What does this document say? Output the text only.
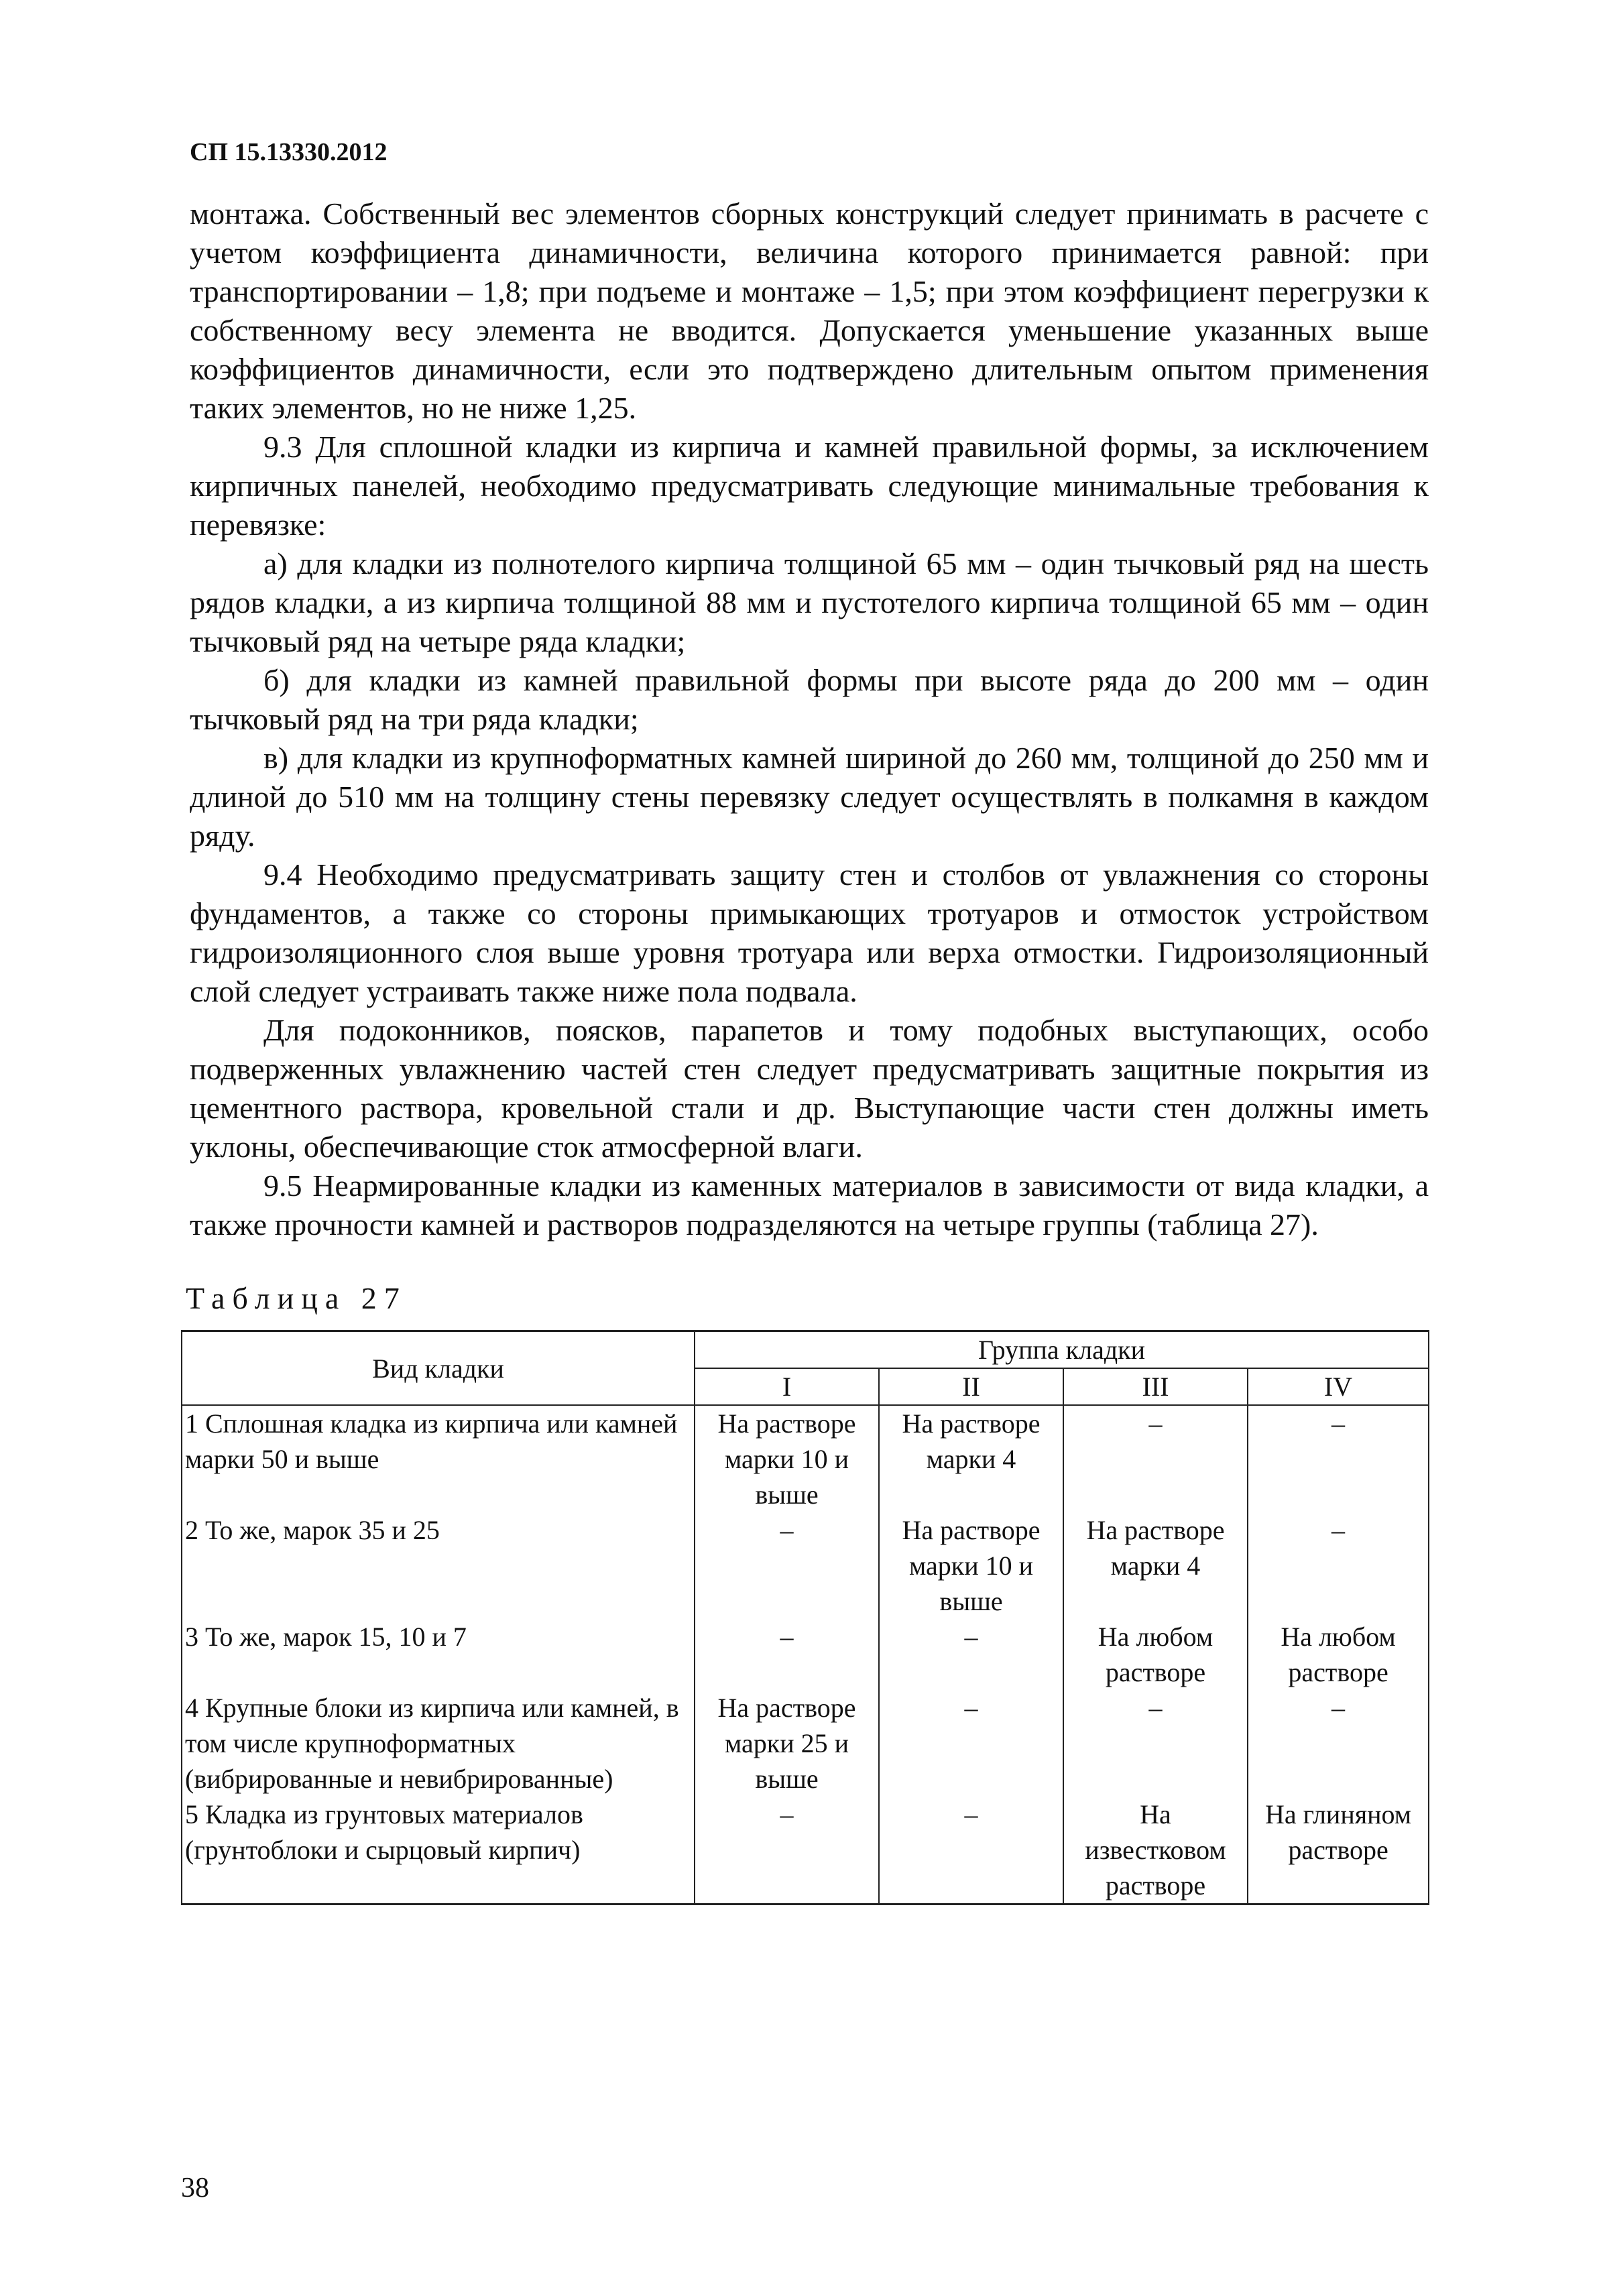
СП 15.13330.2012

монтажа. Собственный вес элементов сборных конструкций следует принимать в расчете с учетом коэффициента динамичности, величина которого принимается равной: при транспортировании – 1,8; при подъеме и монтаже – 1,5; при этом коэффициент перегрузки к собственному весу элемента не вводится. Допускается уменьшение указанных выше коэффициентов динамичности, если это подтверждено длительным опытом применения таких элементов, но не ниже 1,25.

9.3 Для сплошной кладки из кирпича и камней правильной формы, за исключением кирпичных панелей, необходимо предусматривать следующие минимальные требования к перевязке:

а) для кладки из полнотелого кирпича толщиной 65 мм – один тычковый ряд на шесть рядов кладки, а из кирпича толщиной 88 мм и пустотелого кирпича толщиной 65 мм – один тычковый ряд на четыре ряда кладки;

б) для кладки из камней правильной формы при высоте ряда до 200 мм – один тычковый ряд на три ряда кладки;

в) для кладки из крупноформатных камней шириной до 260 мм, толщиной до 250 мм и длиной до 510 мм на толщину стены перевязку следует осуществлять в полкамня в каждом ряду.

9.4 Необходимо предусматривать защиту стен и столбов от увлажнения со стороны фундаментов, а также со стороны примыкающих тротуаров и отмосток устройством гидроизоляционного слоя выше уровня тротуара или верха отмостки. Гидроизоляционный слой следует устраивать также ниже пола подвала.

Для подоконников, поясков, парапетов и тому подобных выступающих, особо подверженных увлажнению частей стен следует предусматривать защитные покрытия из цементного раствора, кровельной стали и др. Выступающие части стен должны иметь уклоны, обеспечивающие сток атмосферной влаги.

9.5 Неармированные кладки из каменных материалов в зависимости от вида кладки, а также прочности камней и растворов подразделяются на четыре группы (таблица 27).

Таблица 27
Вид кладки	Группа кладки			
	I	II	III	IV
1 Сплошная кладка из кирпича или камней марки 50 и выше	На растворе марки 10 и выше	На растворе марки 4	–	–
2 То же, марок 35 и 25	–	На растворе марки 10 и выше	На растворе марки 4	–
3 То же, марок 15, 10 и 7	–	–	На любом растворе	На любом растворе
4 Крупные блоки из кирпича или камней, в том числе крупноформатных (вибрированные и невибрированные)	На растворе марки 25 и выше	–	–	–
5 Кладка из грунтовых материалов (грунтоблоки и сырцовый кирпич)	–	–	На известковом растворе	На глиняном растворе
38
